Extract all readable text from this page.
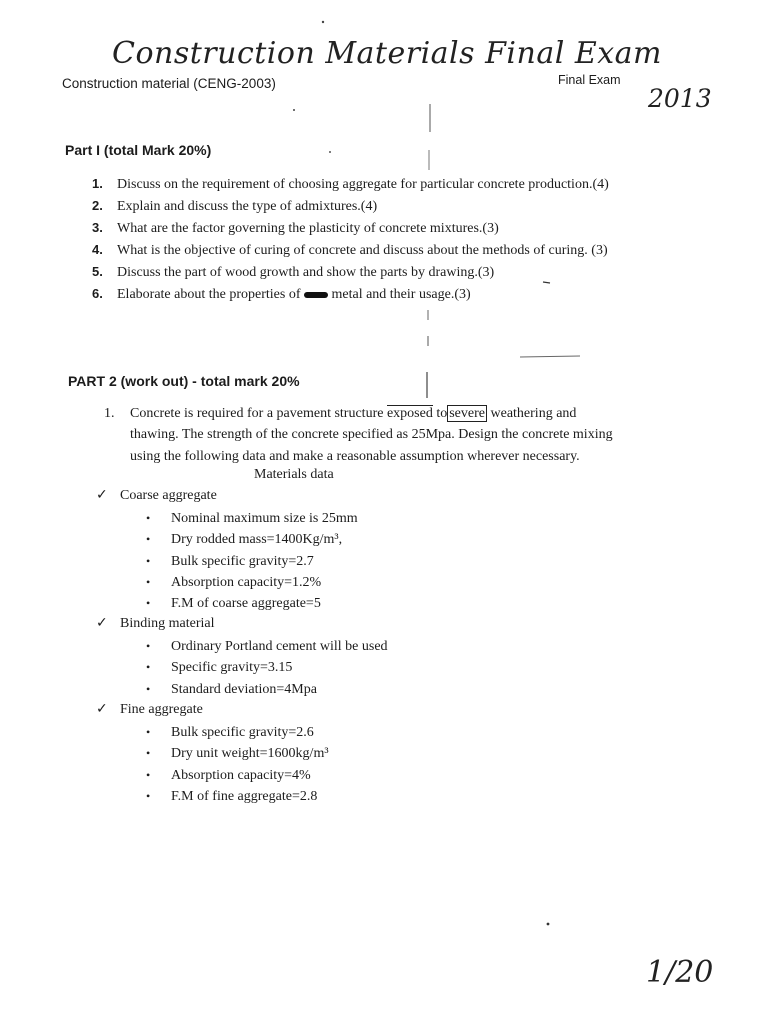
Construction Materials Final Exam
2013
1/20
Construction material (CENG-2003)	Final Exam
Part I (total Mark 20%)
1. Discuss on the requirement of choosing aggregate for particular concrete production.(4)
2. Explain and discuss the type of admixtures.(4)
3. What are the factor governing the plasticity of concrete mixtures.(3)
4. What is the objective of curing of concrete and discuss about the methods of curing. (3)
5. Discuss the part of wood growth and show the parts by drawing.(3)
6. Elaborate about the properties of metal and their usage.(3)
PART 2 (work out) - total mark 20%
1. Concrete is required for a pavement structure exposed to severe weathering and
thawing. The strength of the concrete specified as 25Mpa. Design the concrete mixing
using the following data and make a reasonable assumption wherever necessary.
Materials data
✓ Coarse aggregate
• Nominal maximum size is 25mm
• Dry rodded mass=1400Kg/m³,
• Bulk specific gravity=2.7
• Absorption capacity=1.2%
• F.M of coarse aggregate=5
✓ Binding material
• Ordinary Portland cement will be used
• Specific gravity=3.15
• Standard deviation=4Mpa
✓ Fine aggregate
• Bulk specific gravity=2.6
• Dry unit weight=1600kg/m³
• Absorption capacity=4%
• F.M of fine aggregate=2.8
